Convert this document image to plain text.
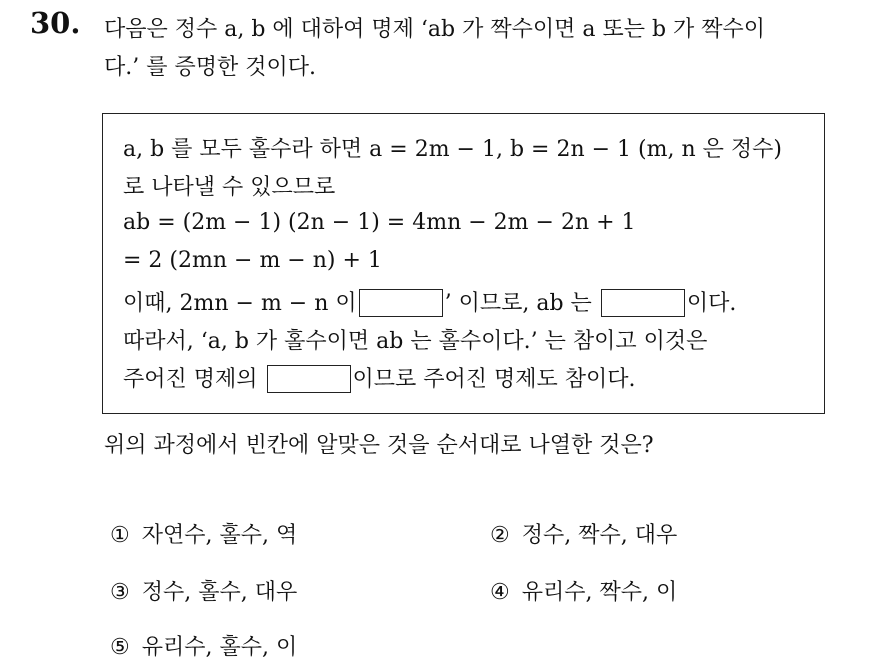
30. 다음은 정수 a, b 에 대하여 명제 ‘ab 가 짝수이면 a 또는 b 가 짝수이
다.’ 를 증명한 것이다.
a, b 를 모두 홀수라 하면 a = 2m − 1, b = 2n − 1 (m, n 은 정수)
로 나타낼 수 있으므로
ab = (2m − 1) (2n − 1) = 4mn − 2m − 2n + 1
= 2 (2mn − m − n) + 1
이때, 2mn − m − n 이	’ 이므로, ab 는	이다.
따라서, ‘a, b 가 홀수이면 ab 는 홀수이다.’ 는 참이고 이것은
주어진 명제의	이므로 주어진 명제도 참이다.
위의 과정에서 빈칸에 알맞은 것을 순서대로 나열한 것은?
① 자연수, 홀수, 역	② 정수, 짝수, 대우
③ 정수, 홀수, 대우	④ 유리수, 짝수, 이
⑤ 유리수, 홀수, 이
